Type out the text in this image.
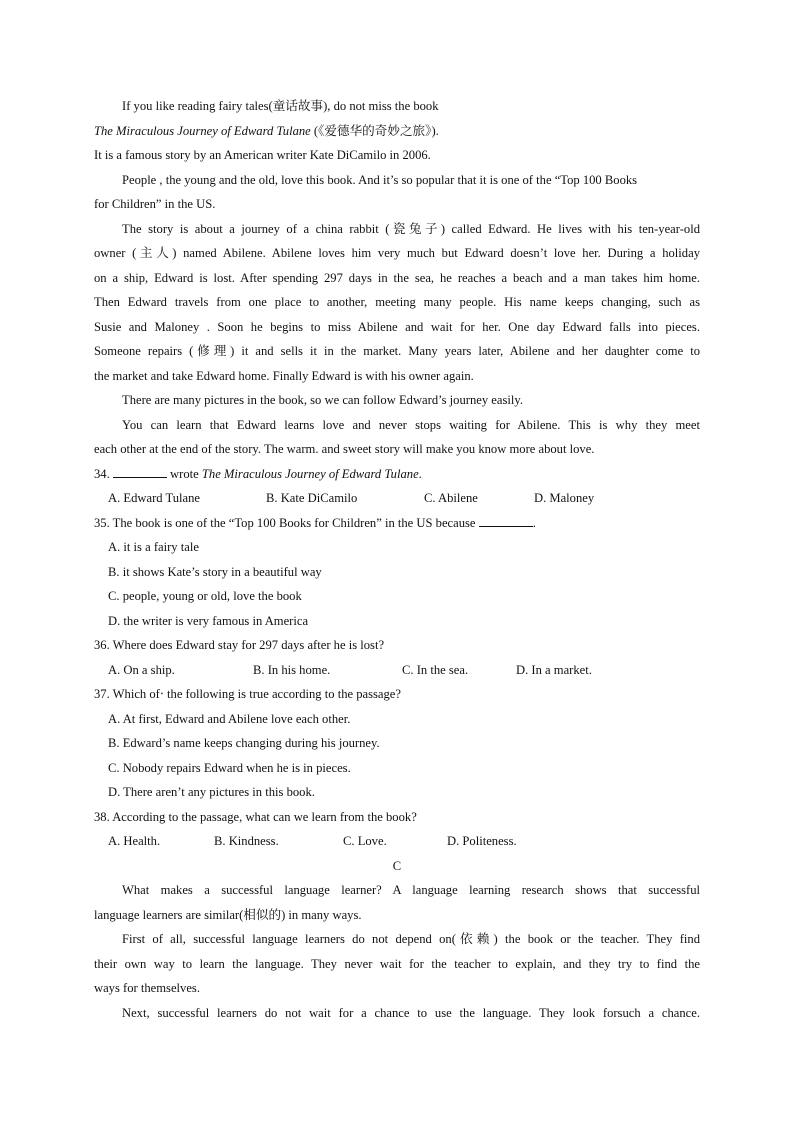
If you like reading fairy tales(童话故事), do not miss the book

The Miraculous Journey of Edward Tulane (《爱德华的奇妙之旅》).

It is a famous story by an American writer Kate DiCamilo in 2006.

People , the young and the old, love this book. And it’s so popular that it is one of the “Top 100 Books

for Children” in the US.

The story is about a journey of a china rabbit (瓷兔子) called Edward. He lives with his ten-year-old

owner (主人) named Abilene. Abilene loves him very much but Edward doesn’t love her. During a holiday

on a ship, Edward is lost. After spending 297 days in the sea, he reaches a beach and a man takes him home.

Then Edward travels from one place to another, meeting many people. His name keeps changing, such as

Susie and Maloney . Soon he begins to miss Abilene and wait for her. One day Edward falls into pieces.

Someone repairs (修理) it and sells it in the market. Many years later, Abilene and her daughter come to

the market and take Edward home. Finally Edward is with his owner again.

There are many pictures in the book, so we can follow Edward’s journey easily.

You can learn that Edward learns love and never stops waiting for Abilene. This is why they meet

each other at the end of the story. The warm. and sweet story will make you know more about love.

34.	wrote The Miraculous Journey of Edward Tulane.

A. Edward Tulane	B. Kate DiCamilo	C. Abilene	D. Maloney

35. The book is one of the “Top 100 Books for Children” in the US because	.

A. it is a fairy tale
B. it shows Kate’s story in a beautiful way
C. people, young or old, love the book
D. the writer is very famous in America

36. Where does Edward stay for 297 days after he is lost?

A. On a ship.	B. In his home.	C. In the sea.	D. In a market.

37. Which of‧ the following is true according to the passage?

A. At first, Edward and Abilene love each other.
B. Edward’s name keeps changing during his journey.
C. Nobody repairs Edward when he is in pieces.
D. There aren’t any pictures in this book.

38. According to the passage, what can we learn from the book?

A. Health.	B. Kindness.	C. Love.	D. Politeness.
C

What makes a successful language learner? A language learning research shows that successful

language learners are similar(相似的) in many ways.

First of all, successful language learners do not depend on(依赖) the book or the teacher. They find

their own way to learn the language. They never wait for the teacher to explain, and they try to find the

ways for themselves.

Next, successful learners do not wait for a chance to use the language. They look forsuch a chance.
